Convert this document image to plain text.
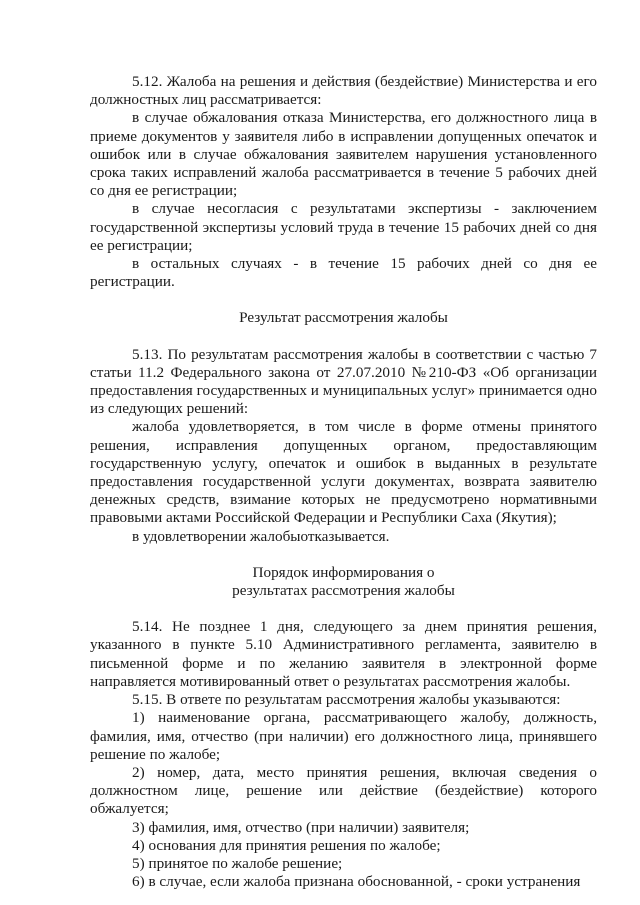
5.12. Жалоба на решения и действия (бездействие) Министерства и его должностных лиц рассматривается:

в случае обжалования отказа Министерства, его должностного лица в приеме документов у заявителя либо в исправлении допущенных опечаток и ошибок или в случае обжалования заявителем нарушения установленного срока таких исправлений жалоба рассматривается в течение 5 рабочих дней со дня ее регистрации;

в случае несогласия с результатами экспертизы - заключением государственной экспертизы условий труда в течение 15 рабочих дней со дня ее регистрации;

в остальных случаях - в течение 15 рабочих дней со дня ее регистрации.

Результат рассмотрения жалобы

5.13. По результатам рассмотрения жалобы в соответствии с частью 7 статьи 11.2 Федерального закона от 27.07.2010 №210-ФЗ «Об организации предоставления государственных и муниципальных услуг» принимается одно из следующих решений:

жалоба удовлетворяется, в том числе в форме отмены принятого решения, исправления допущенных органом, предоставляющим государственную услугу, опечаток и ошибок в выданных в результате предоставления государственной услуги документах, возврата заявителю денежных средств, взимание которых не предусмотрено нормативными правовыми актами Российской Федерации и Республики Саха (Якутия);

в удовлетворении жалобыотказывается.

Порядок информирования о

результатах рассмотрения жалобы

5.14. Не позднее 1 дня, следующего за днем принятия решения, указанного в пункте 5.10 Административного регламента, заявителю в письменной форме и по желанию заявителя в электронной форме направляется мотивированный ответ о результатах рассмотрения жалобы.

5.15. В ответе по результатам рассмотрения жалобы указываются:

1) наименование органа, рассматривающего жалобу, должность, фамилия, имя, отчество (при наличии) его должностного лица, принявшего решение по жалобе;

2) номер, дата, место принятия решения, включая сведения о должностном лице, решение или действие (бездействие) которого обжалуется;

3) фамилия, имя, отчество (при наличии) заявителя;

4) основания для принятия решения по жалобе;

5) принятое по жалобе решение;

6) в случае, если жалоба признана обоснованной, - сроки устранения
